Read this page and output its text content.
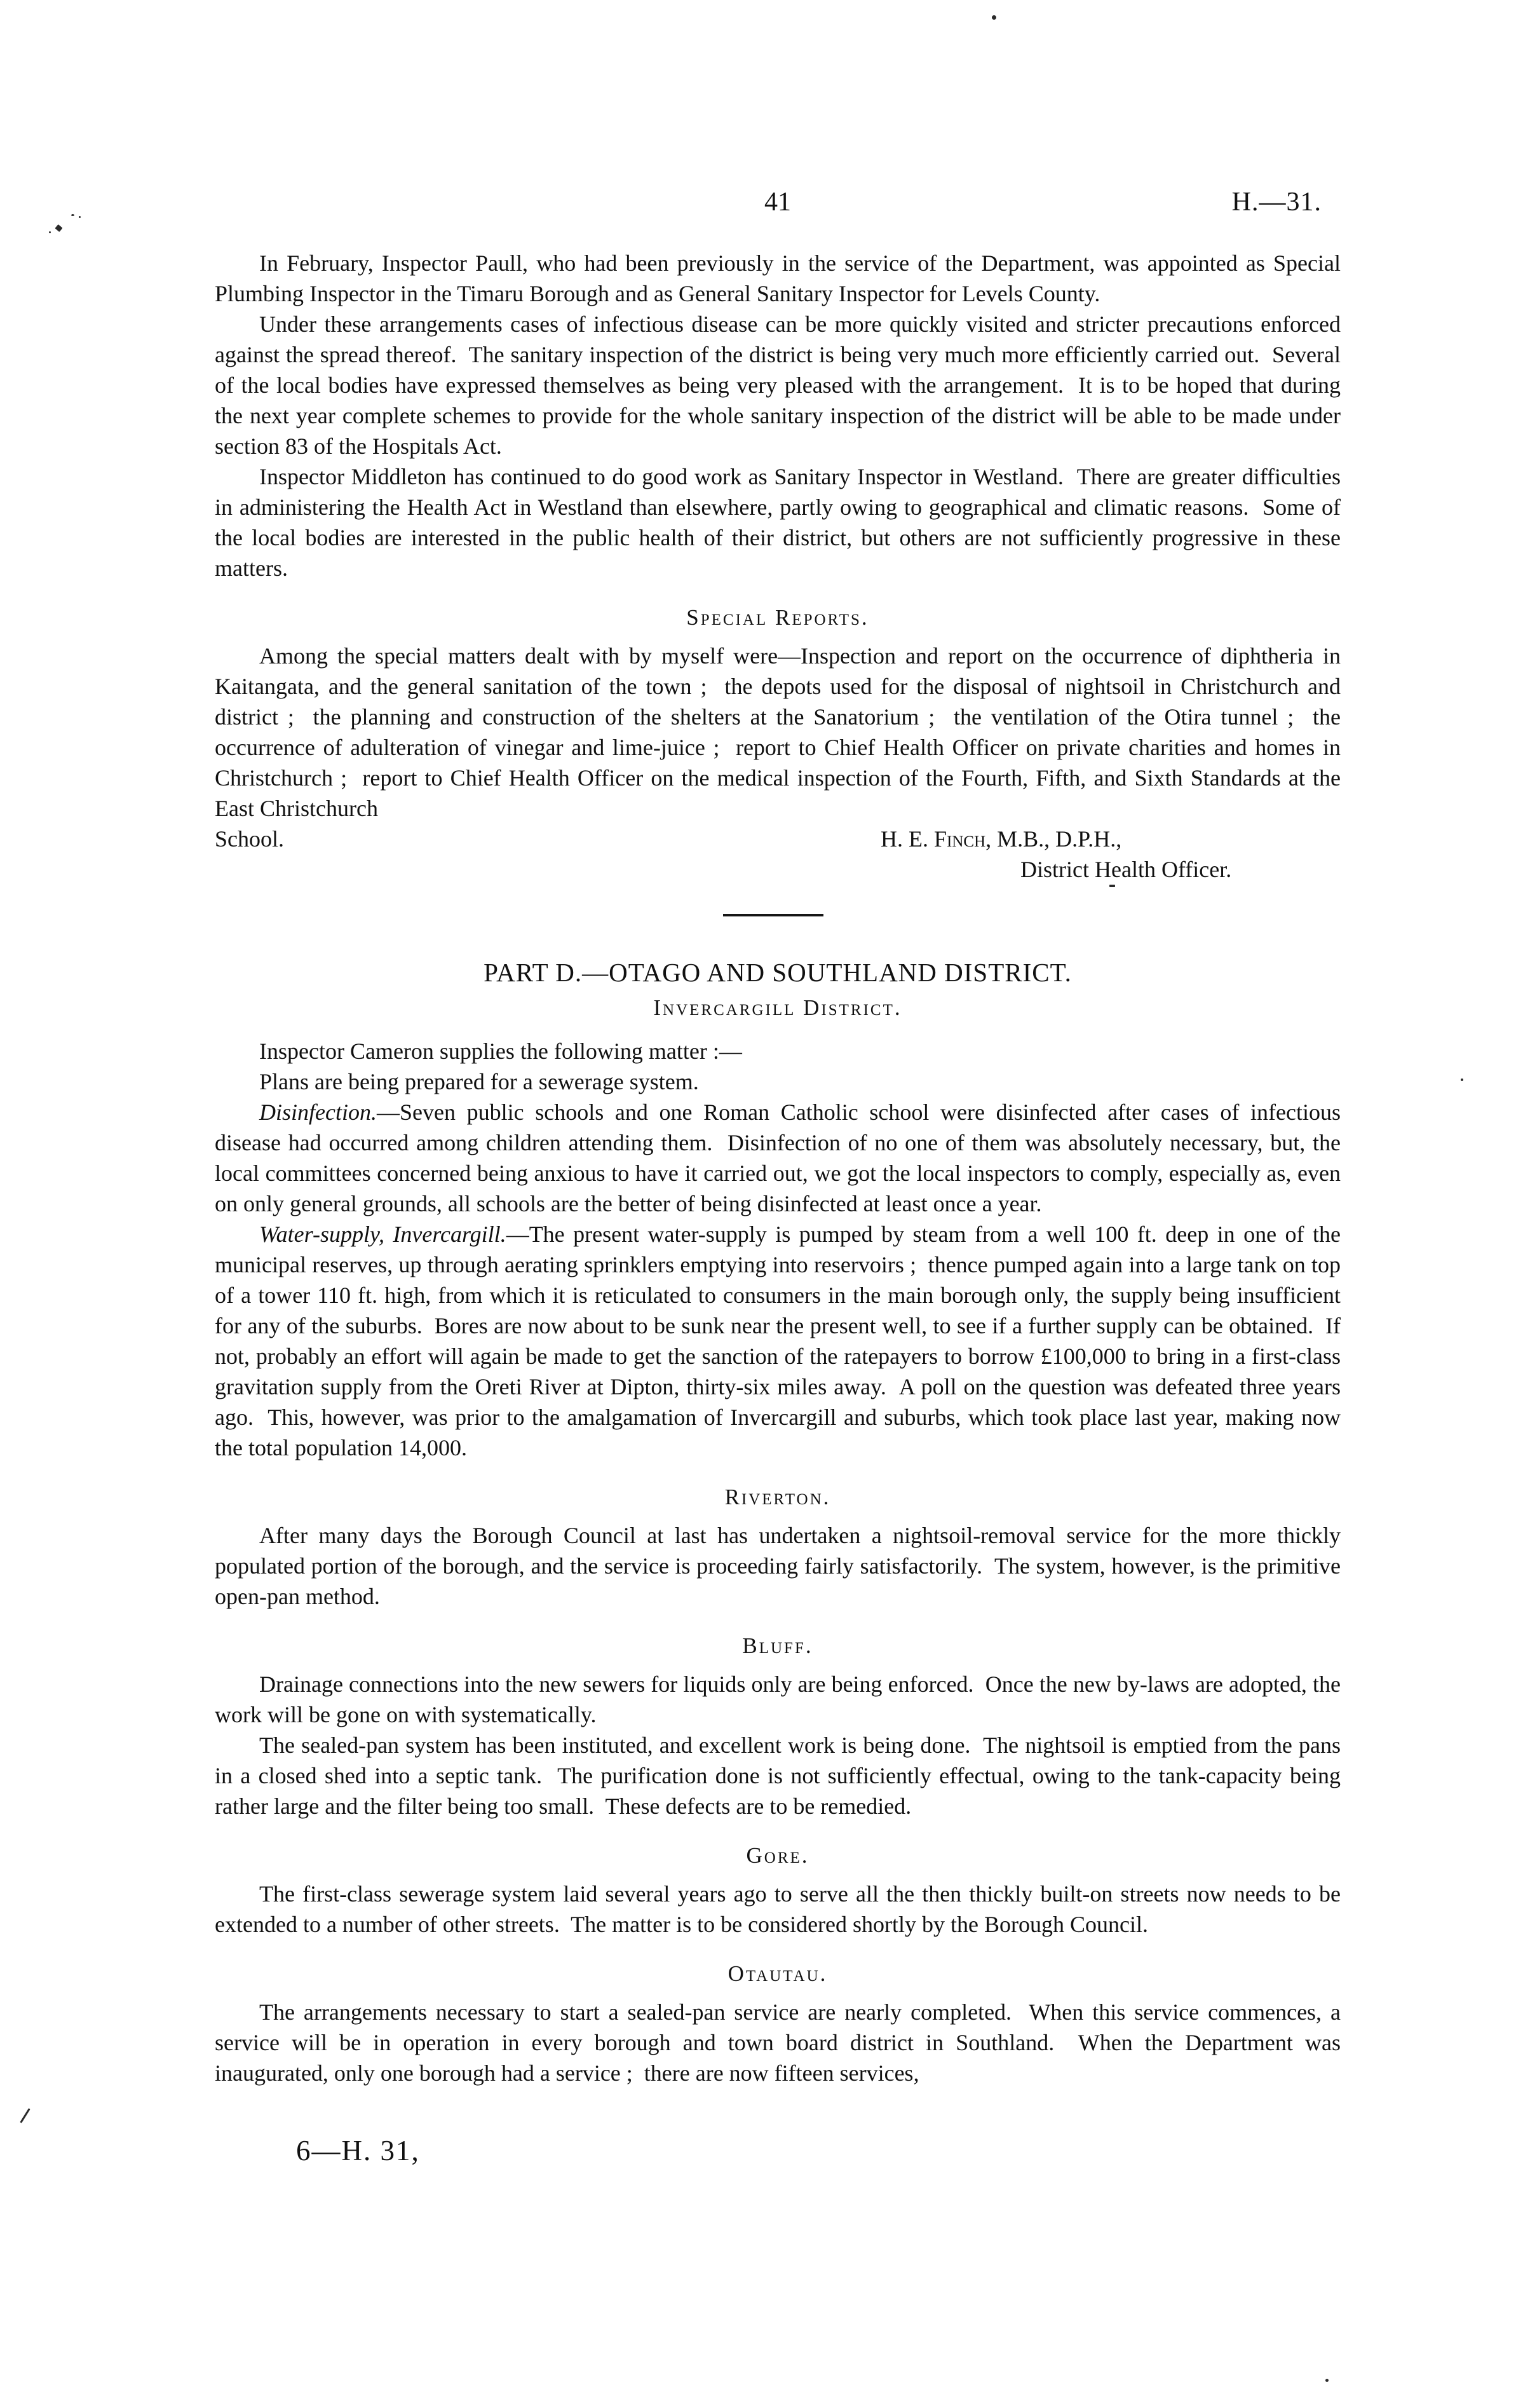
41	H.—31.

In February, Inspector Paull, who had been previously in the service of the Department, was appointed as Special Plumbing Inspector in the Timaru Borough and as General Sanitary Inspector for Levels County.

Under these arrangements cases of infectious disease can be more quickly visited and stricter precautions enforced against the spread thereof.  The sanitary inspection of the district is being very much more efficiently carried out.  Several of the local bodies have expressed themselves as being very pleased with the arrangement.  It is to be hoped that during the next year complete schemes to provide for the whole sanitary inspection of the district will be able to be made under section 83 of the Hospitals Act.

Inspector Middleton has continued to do good work as Sanitary Inspector in Westland.  There are greater difficulties in administering the Health Act in Westland than elsewhere, partly owing to geographical and climatic reasons.  Some of the local bodies are interested in the public health of their district, but others are not sufficiently progressive in these matters.

Special Reports.

Among the special matters dealt with by myself were—Inspection and report on the occurrence of diphtheria in Kaitangata, and the general sanitation of the town ;  the depots used for the disposal of nightsoil in Christchurch and district ;  the planning and construction of the shelters at the Sanatorium ;  the ventilation of the Otira tunnel ;  the occurrence of adulteration of vinegar and lime-juice ;  report to Chief Health Officer on private charities and homes in Christchurch ;  report to Chief Health Officer on the medical inspection of the Fourth, Fifth, and Sixth Standards at the East Christchurch

School.	H. E. Finch, M.B., D.P.H.,
District Health Officer.
PART D.—OTAGO AND SOUTHLAND DISTRICT.
Invercargill District.

Inspector Cameron supplies the following matter :—

Plans are being prepared for a sewerage system.

Disinfection.—Seven public schools and one Roman Catholic school were disinfected after cases of infectious disease had occurred among children attending them.  Disinfection of no one of them was absolutely necessary, but, the local committees concerned being anxious to have it carried out, we got the local inspectors to comply, especially as, even on only general grounds, all schools are the better of being disinfected at least once a year.

Water-supply, Invercargill.—The present water-supply is pumped by steam from a well 100 ft. deep in one of the municipal reserves, up through aerating sprinklers emptying into reservoirs ;  thence pumped again into a large tank on top of a tower 110 ft. high, from which it is reticulated to consumers in the main borough only, the supply being insufficient for any of the suburbs.  Bores are now about to be sunk near the present well, to see if a further supply can be obtained.  If not, probably an effort will again be made to get the sanction of the ratepayers to borrow £100,000 to bring in a first-class gravitation supply from the Oreti River at Dipton, thirty-six miles away.  A poll on the question was defeated three years ago.  This, however, was prior to the amalgamation of Invercargill and suburbs, which took place last year, making now the total population 14,000.

Riverton.

After many days the Borough Council at last has undertaken a nightsoil-removal service for the more thickly populated portion of the borough, and the service is proceeding fairly satisfactorily.  The system, however, is the primitive open-pan method.

Bluff.

Drainage connections into the new sewers for liquids only are being enforced.  Once the new by-laws are adopted, the work will be gone on with systematically.

The sealed-pan system has been instituted, and excellent work is being done.  The nightsoil is emptied from the pans in a closed shed into a septic tank.  The purification done is not sufficiently effectual, owing to the tank-capacity being rather large and the filter being too small.  These defects are to be remedied.

Gore.

The first-class sewerage system laid several years ago to serve all the then thickly built-on streets now needs to be extended to a number of other streets.  The matter is to be considered shortly by the Borough Council.

Otautau.

The arrangements necessary to start a sealed-pan service are nearly completed.  When this service commences, a service will be in operation in every borough and town board district in Southland.  When the Department was inaugurated, only one borough had a service ;  there are now fifteen services,

6—H. 31,
